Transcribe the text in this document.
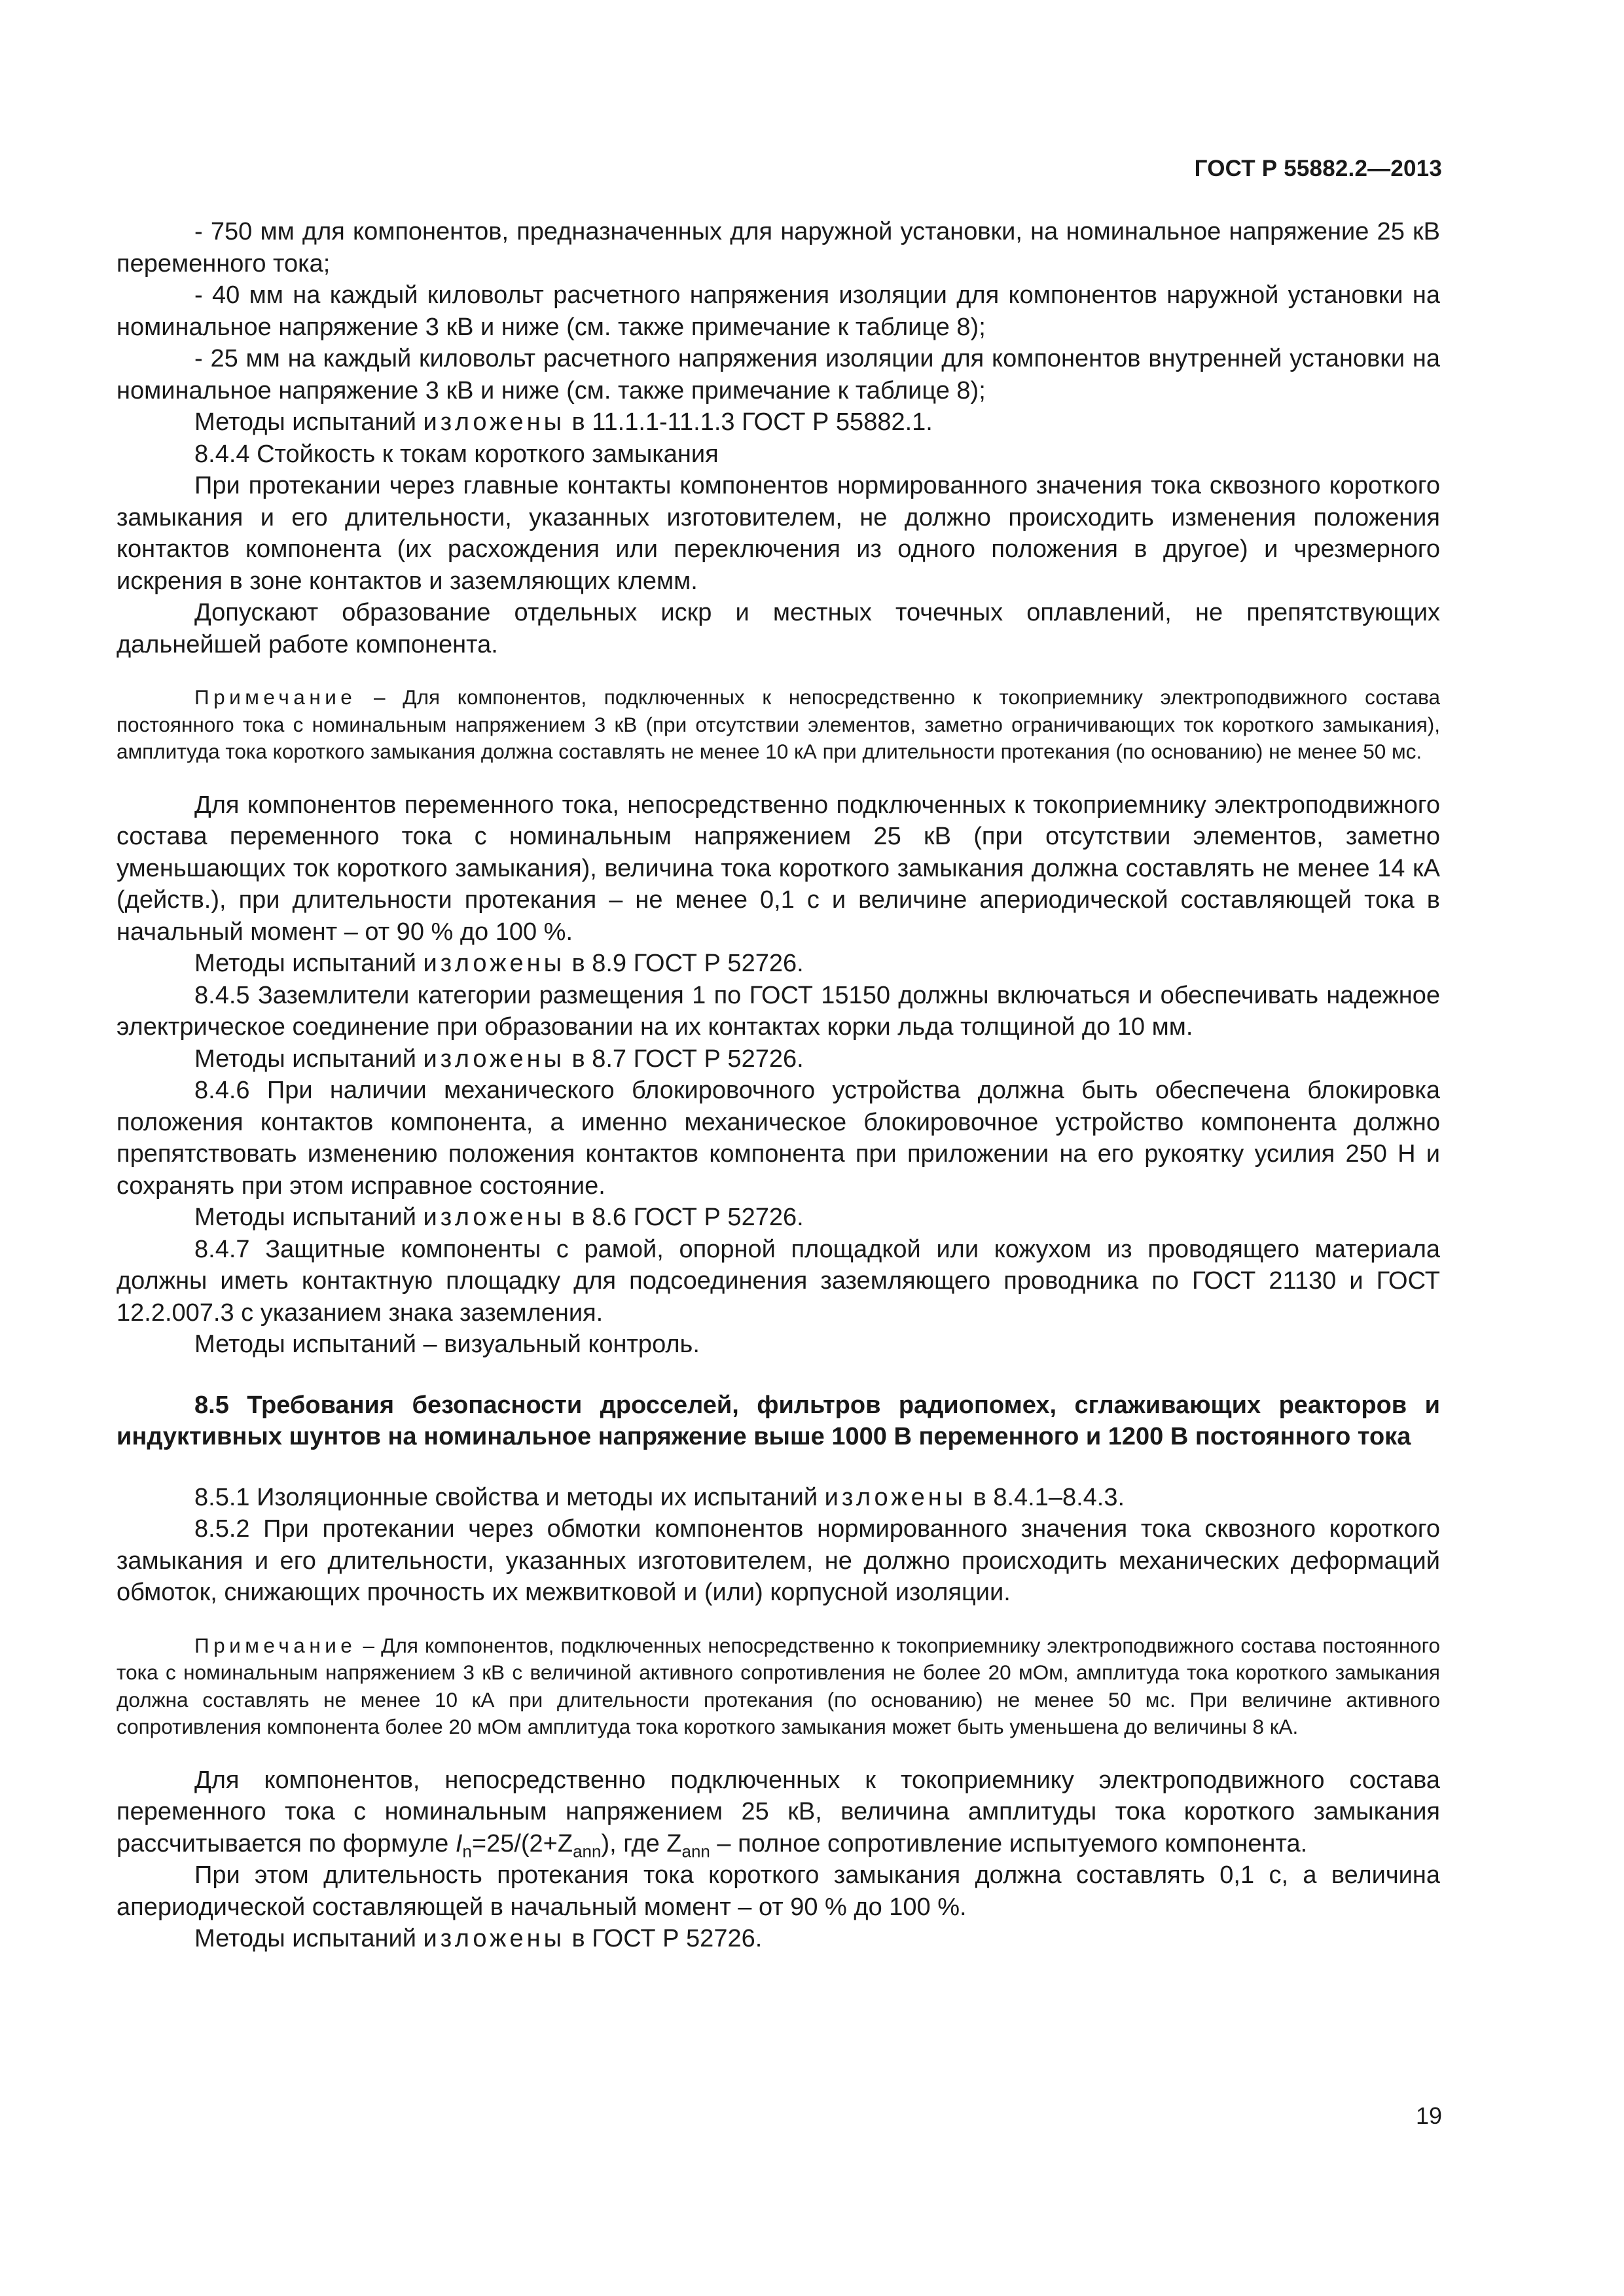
ГОСТ Р 55882.2—2013

- 750 мм для компонентов, предназначенных для наружной установки, на номинальное напряжение 25 кВ переменного тока;

- 40 мм на каждый киловольт расчетного напряжения изоляции для компонентов наружной установки на номинальное напряжение 3 кВ и ниже (см. также примечание к таблице 8);

- 25 мм на каждый киловольт расчетного напряжения изоляции для компонентов внутренней установки на номинальное напряжение 3 кВ и ниже (см. также примечание к таблице 8);

Методы испытаний изложены в 11.1.1-11.1.3 ГОСТ Р 55882.1.

8.4.4 Стойкость к токам короткого замыкания

При протекании через главные контакты компонентов нормированного значения тока сквозного короткого замыкания и его длительности, указанных изготовителем, не должно происходить изменения положения контактов компонента (их расхождения или переключения из одного положения в другое) и чрезмерного искрения в зоне контактов и заземляющих клемм.

Допускают образование отдельных искр и местных точечных оплавлений, не препятствующих дальнейшей работе компонента.

Примечание – Для компонентов, подключенных к непосредственно к токоприемнику электроподвижного состава постоянного тока с номинальным напряжением 3 кВ (при отсутствии элементов, заметно ограничивающих ток короткого замыкания), амплитуда тока короткого замыкания должна составлять не менее 10 кА при длительности протекания (по основанию) не менее 50 мс.

Для компонентов переменного тока, непосредственно подключенных к токоприемнику электроподвижного состава переменного тока с номинальным напряжением 25 кВ (при отсутствии элементов, заметно уменьшающих ток короткого замыкания), величина тока короткого замыкания должна составлять не менее 14 кА (действ.), при длительности протекания – не менее 0,1 с и величине апериодической составляющей тока в начальный момент – от 90 % до 100 %.

Методы испытаний изложены в 8.9 ГОСТ Р 52726.

8.4.5 Заземлители категории размещения 1 по ГОСТ 15150 должны включаться и обеспечивать надежное электрическое соединение при образовании на их контактах корки льда толщиной до 10 мм.

Методы испытаний изложены в 8.7 ГОСТ Р 52726.

8.4.6 При наличии механического блокировочного устройства должна быть обеспечена блокировка положения контактов компонента, а именно механическое блокировочное устройство компонента должно препятствовать изменению положения контактов компонента при приложении на его рукоятку усилия 250 Н и сохранять при этом исправное состояние.

Методы испытаний изложены в 8.6 ГОСТ Р 52726.

8.4.7 Защитные компоненты с рамой, опорной площадкой или кожухом из проводящего материала должны иметь контактную площадку для подсоединения заземляющего проводника по ГОСТ 21130 и ГОСТ 12.2.007.3 с указанием знака заземления.

Методы испытаний – визуальный контроль.

8.5 Требования безопасности дросселей, фильтров радиопомех, сглаживающих реакторов и индуктивных шунтов на номинальное напряжение выше 1000 В переменного и 1200 В постоянного тока

8.5.1 Изоляционные свойства и методы их испытаний изложены в 8.4.1–8.4.3.

8.5.2 При протекании через обмотки компонентов нормированного значения тока сквозного короткого замыкания и его длительности, указанных изготовителем, не должно происходить механических деформаций обмоток, снижающих прочность их межвитковой и (или) корпусной изоляции.

Примечание – Для компонентов, подключенных непосредственно к токоприемнику электроподвижного состава постоянного тока с номинальным напряжением 3 кВ с величиной активного сопротивления не более 20 мОм, амплитуда тока короткого замыкания должна составлять не менее 10 кА при длительности протекания (по основанию) не менее 50 мс. При величине активного сопротивления компонента более 20 мОм амплитуда тока короткого замыкания может быть уменьшена до величины 8 кА.

Для компонентов, непосредственно подключенных к токоприемнику электроподвижного состава переменного тока с номинальным напряжением 25 кВ, величина амплитуды тока короткого замыкания рассчитывается по формуле $I_n=25/(2+Z_{ann})$, где $Z_{ann}$ – полное сопротивление испытуемого компонента.

При этом длительность протекания тока короткого замыкания должна составлять 0,1 с, а величина апериодической составляющей в начальный момент – от 90 % до 100 %.

Методы испытаний изложены в ГОСТ Р 52726.

19
